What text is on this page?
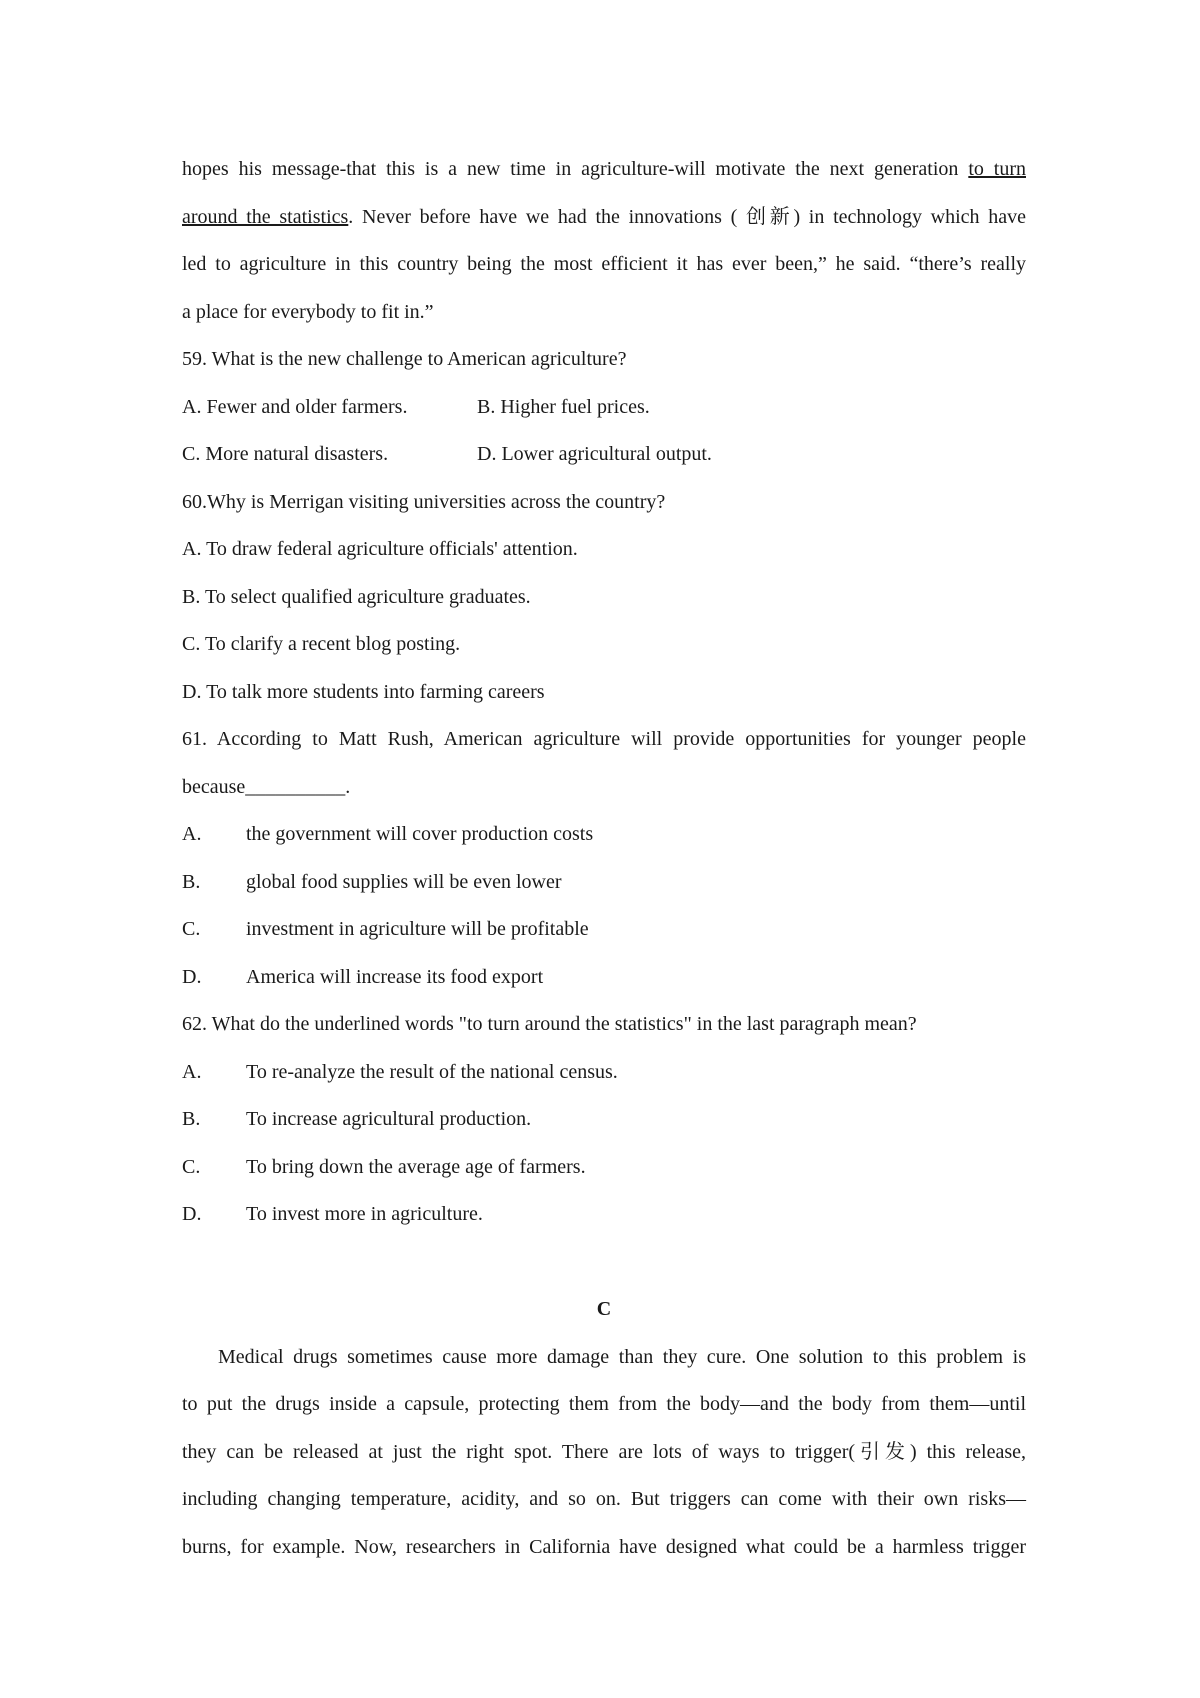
hopes his message-that this is a new time in agriculture-will motivate the next generation to turn
around the statistics. Never before have we had the innovations ( 创新) in technology which have
led to agriculture in this country being the most efficient it has ever been,” he said. “there’s really
a place for everybody to fit in.”
59. What is the new challenge to American agriculture?
A. Fewer and older farmers.	B. Higher fuel prices.
C. More natural disasters.	D. Lower agricultural output.
60.Why is Merrigan visiting universities across the country?
A. To draw federal agriculture officials' attention.
B. To select qualified agriculture graduates.
C. To clarify a recent blog posting.
D. To talk more students into farming careers
61. According to Matt Rush, American agriculture will provide opportunities for younger people
because__________.
A.	the government will cover production costs
B.	global food supplies will be even lower
C.	investment in agriculture will be profitable
D.	America will increase its food export
62. What do the underlined words "to turn around the statistics" in the last paragraph mean?
A.	To re-analyze the result of the national census.
B.	To increase agricultural production.
C.	To bring down the average age of farmers.
D.	To invest more in agriculture.
C
Medical drugs sometimes cause more damage than they cure. One solution to this problem is
to put the drugs inside a capsule, protecting them from the body—and the body from them—until
they can be released at just the right spot. There are lots of ways to trigger(引发) this release,
including changing temperature, acidity, and so on. But triggers can come with their own risks—
burns, for example. Now, researchers in California have designed what could be a harmless trigger
